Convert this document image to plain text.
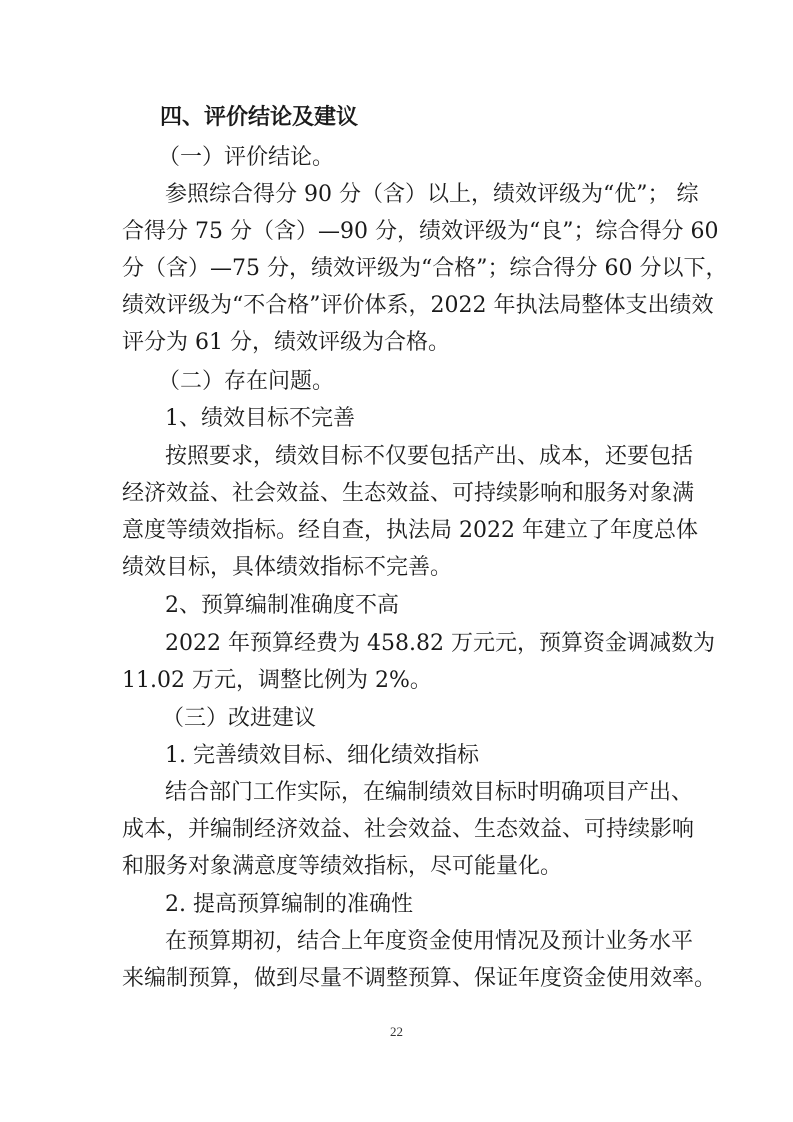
四、评价结论及建议
（一）评价结论。
参照综合得分 90 分（含）以上，绩效评级为“优”； 综
合得分 75 分（含）—90 分，绩效评级为“良”；综合得分 60
分（含）—75 分，绩效评级为“合格”；综合得分 60 分以下，
绩效评级为“不合格”评价体系，2022 年执法局整体支出绩效
评分为 61 分，绩效评级为合格。
（二）存在问题。
1、绩效目标不完善
按照要求，绩效目标不仅要包括产出、成本，还要包括
经济效益、社会效益、生态效益、可持续影响和服务对象满
意度等绩效指标。经自查，执法局 2022 年建立了年度总体
绩效目标，具体绩效指标不完善。
2、预算编制准确度不高
2022 年预算经费为 458.82 万元元，预算资金调减数为
11.02 万元，调整比例为 2%。
（三）改进建议
1. 完善绩效目标、细化绩效指标
结合部门工作实际，在编制绩效目标时明确项目产出、
成本，并编制经济效益、社会效益、生态效益、可持续影响
和服务对象满意度等绩效指标，尽可能量化。
2. 提高预算编制的准确性
在预算期初，结合上年度资金使用情况及预计业务水平
来编制预算，做到尽量不调整预算、保证年度资金使用效率。
22
